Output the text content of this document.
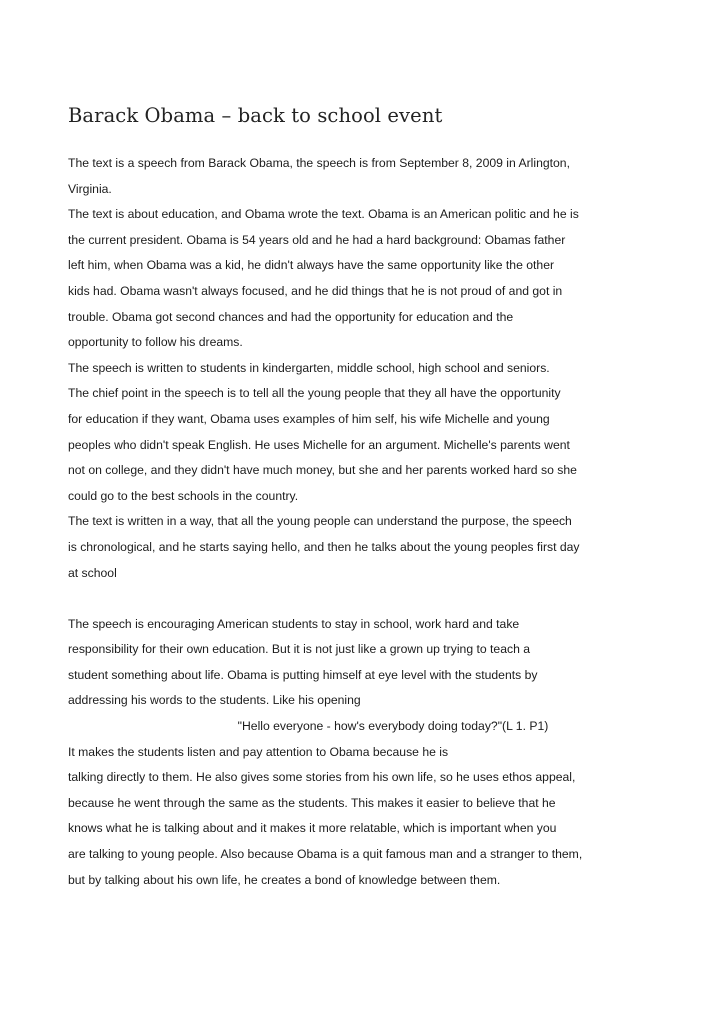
Barack Obama – back to school event
The text is a speech from Barack Obama, the speech is from September 8, 2009 in Arlington,
Virginia.
The text is about education, and Obama wrote the text. Obama is an American politic and he is
the current president. Obama is 54 years old and he had a hard background: Obamas father
left him, when Obama was a kid, he didn't always have the same opportunity like the other
kids had. Obama wasn't always focused, and he did things that he is not proud of and got in
trouble. Obama got second chances and had the opportunity for education and the
opportunity to follow his dreams.
The speech is written to students in kindergarten, middle school, high school and seniors.
The chief point in the speech is to tell all the young people that they all have the opportunity
for education if they want, Obama uses examples of him self, his wife Michelle and young
peoples who didn't speak English. He uses Michelle for an argument. Michelle's parents went
not on college, and they didn't have much money, but she and her parents worked hard so she
could go to the best schools in the country.
The text is written in a way, that all the young people can understand the purpose, the speech
is chronological, and he starts saying hello, and then he talks about the young peoples first day
at school
The speech is encouraging American students to stay in school, work hard and take
responsibility for their own education. But it is not just like a grown up trying to teach a
student something about life. Obama is putting himself at eye level with the students by
addressing his words to the students. Like his opening
"Hello everyone - how's everybody doing today?"(L 1. P1)
It makes the students listen and pay attention to Obama because he is
talking directly to them. He also gives some stories from his own life, so he uses ethos appeal,
because he went through the same as the students. This makes it easier to believe that he
knows what he is talking about and it makes it more relatable, which is important when you
are talking to young people. Also because Obama is a quit famous man and a stranger to them,
but by talking about his own life, he creates a bond of knowledge between them.
